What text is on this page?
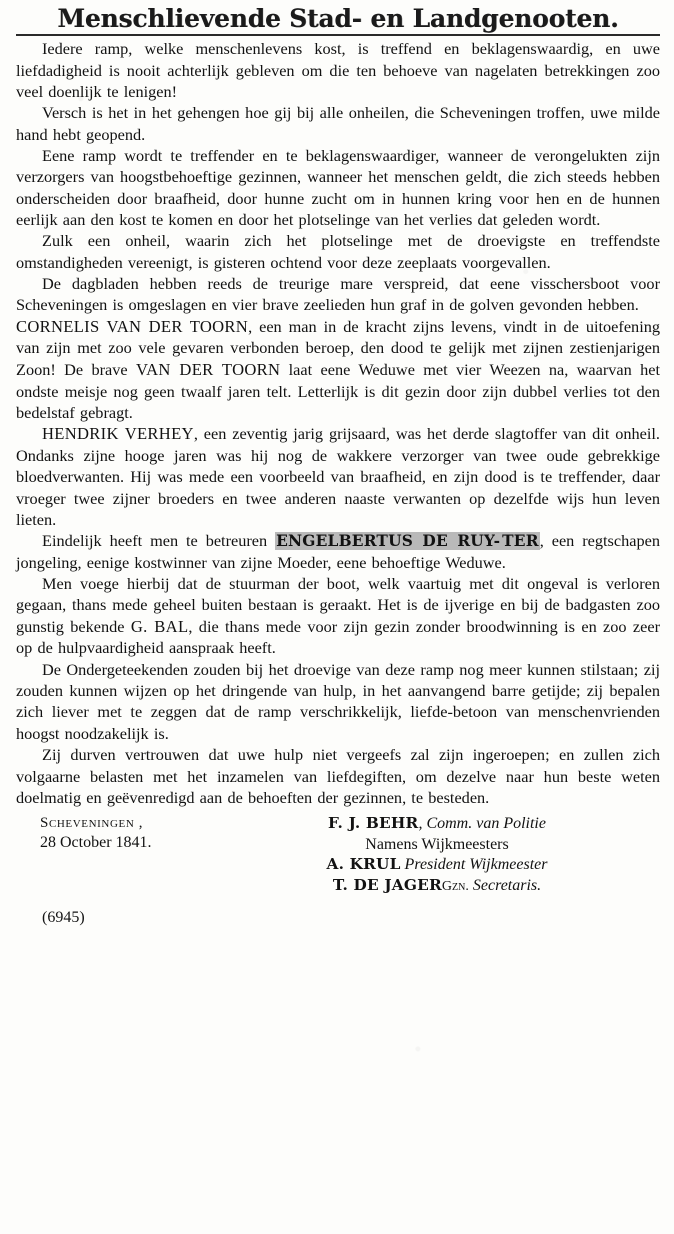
Menschlievende Stad- en Landgenooten.

Iedere ramp, welke menschenlevens kost, is treffend en beklagenswaardig, en uwe liefdadigheid is nooit achterlijk gebleven om die ten behoeve van nagelaten betrekkingen zoo veel doenlijk te lenigen!

Versch is het in het gehengen hoe gij bij alle onheilen, die Scheveningen troffen, uwe milde hand hebt geopend.

Eene ramp wordt te treffender en te beklagenswaardiger, wanneer de verongelukten zijn verzorgers van hoogstbehoeftige gezinnen, wanneer het menschen geldt, die zich steeds hebben onderscheiden door braafheid, door hunne zucht om in hunnen kring voor hen en de hunnen eerlijk aan den kost te komen en door het plotselinge van het verlies dat geleden wordt.

Zulk een onheil, waarin zich het plotselinge met de droevigste en treffendste omstandigheden vereenigt, is gisteren ochtend voor deze zeeplaats voorgevallen.

De dagbladen hebben reeds de treurige mare verspreid, dat eene visschersboot voor Scheveningen is omgeslagen en vier brave zeelieden hun graf in de golven gevonden hebben.

CORNELIS VAN DER TOORN, een man in de kracht zijns levens, vindt in de uitoefening van zijn met zoo vele gevaren verbonden beroep, den dood te gelijk met zijnen zestienjarigen Zoon! De brave VAN DER TOORN laat eene Weduwe met vier Weezen na, waarvan het ondste meisje nog geen twaalf jaren telt. Letterlijk is dit gezin door zijn dubbel verlies tot den bedelstaf gebragt.

HENDRIK VERHEY, een zeventig jarig grijsaard, was het derde slagtoffer van dit onheil. Ondanks zijne hooge jaren was hij nog de wakkere verzorger van twee oude gebrekkige bloedverwanten. Hij was mede een voorbeeld van braafheid, en zijn dood is te treffender, daar vroeger twee zijner broeders en twee anderen naaste verwanten op dezelfde wijs hun leven lieten.

Eindelijk heeft men te betreuren ENGELBERTUS DE RUY- TER, een regtschapen jongeling, eenige kostwinner van zijne Moeder, eene behoeftige Weduwe.

Men voege hierbij dat de stuurman der boot, welk vaartuig met dit ongeval is verloren gegaan, thans mede geheel buiten bestaan is geraakt. Het is de ijverige en bij de badgasten zoo gunstig bekende G. BAL, die thans mede voor zijn gezin zonder broodwinning is en zoo zeer op de hulpvaardigheid aanspraak heeft.

De Ondergeteekenden zouden bij het droevige van deze ramp nog meer kunnen stilstaan; zij zouden kunnen wijzen op het dringende van hulp, in het aanvangend barre getijde; zij bepalen zich liever met te zeggen dat de ramp verschrikkelijk, liefde-betoon van menschenvrienden hoogst noodzakelijk is.

Zij durven vertrouwen dat uwe hulp niet vergeefs zal zijn ingeroepen; en zullen zich volgaarne belasten met het inzamelen van liefdegiften, om dezelve naar hun beste weten doelmatig en geëvenredigd aan de behoeften der gezinnen, te besteden.

Scheveningen ,
28 October 1841.
F. J. BEHR, Comm. van Politie
Namens Wijkmeesters
A. KRUL President Wijkmeester
T. DE JAGERGzn. Secretaris.
(6945)
